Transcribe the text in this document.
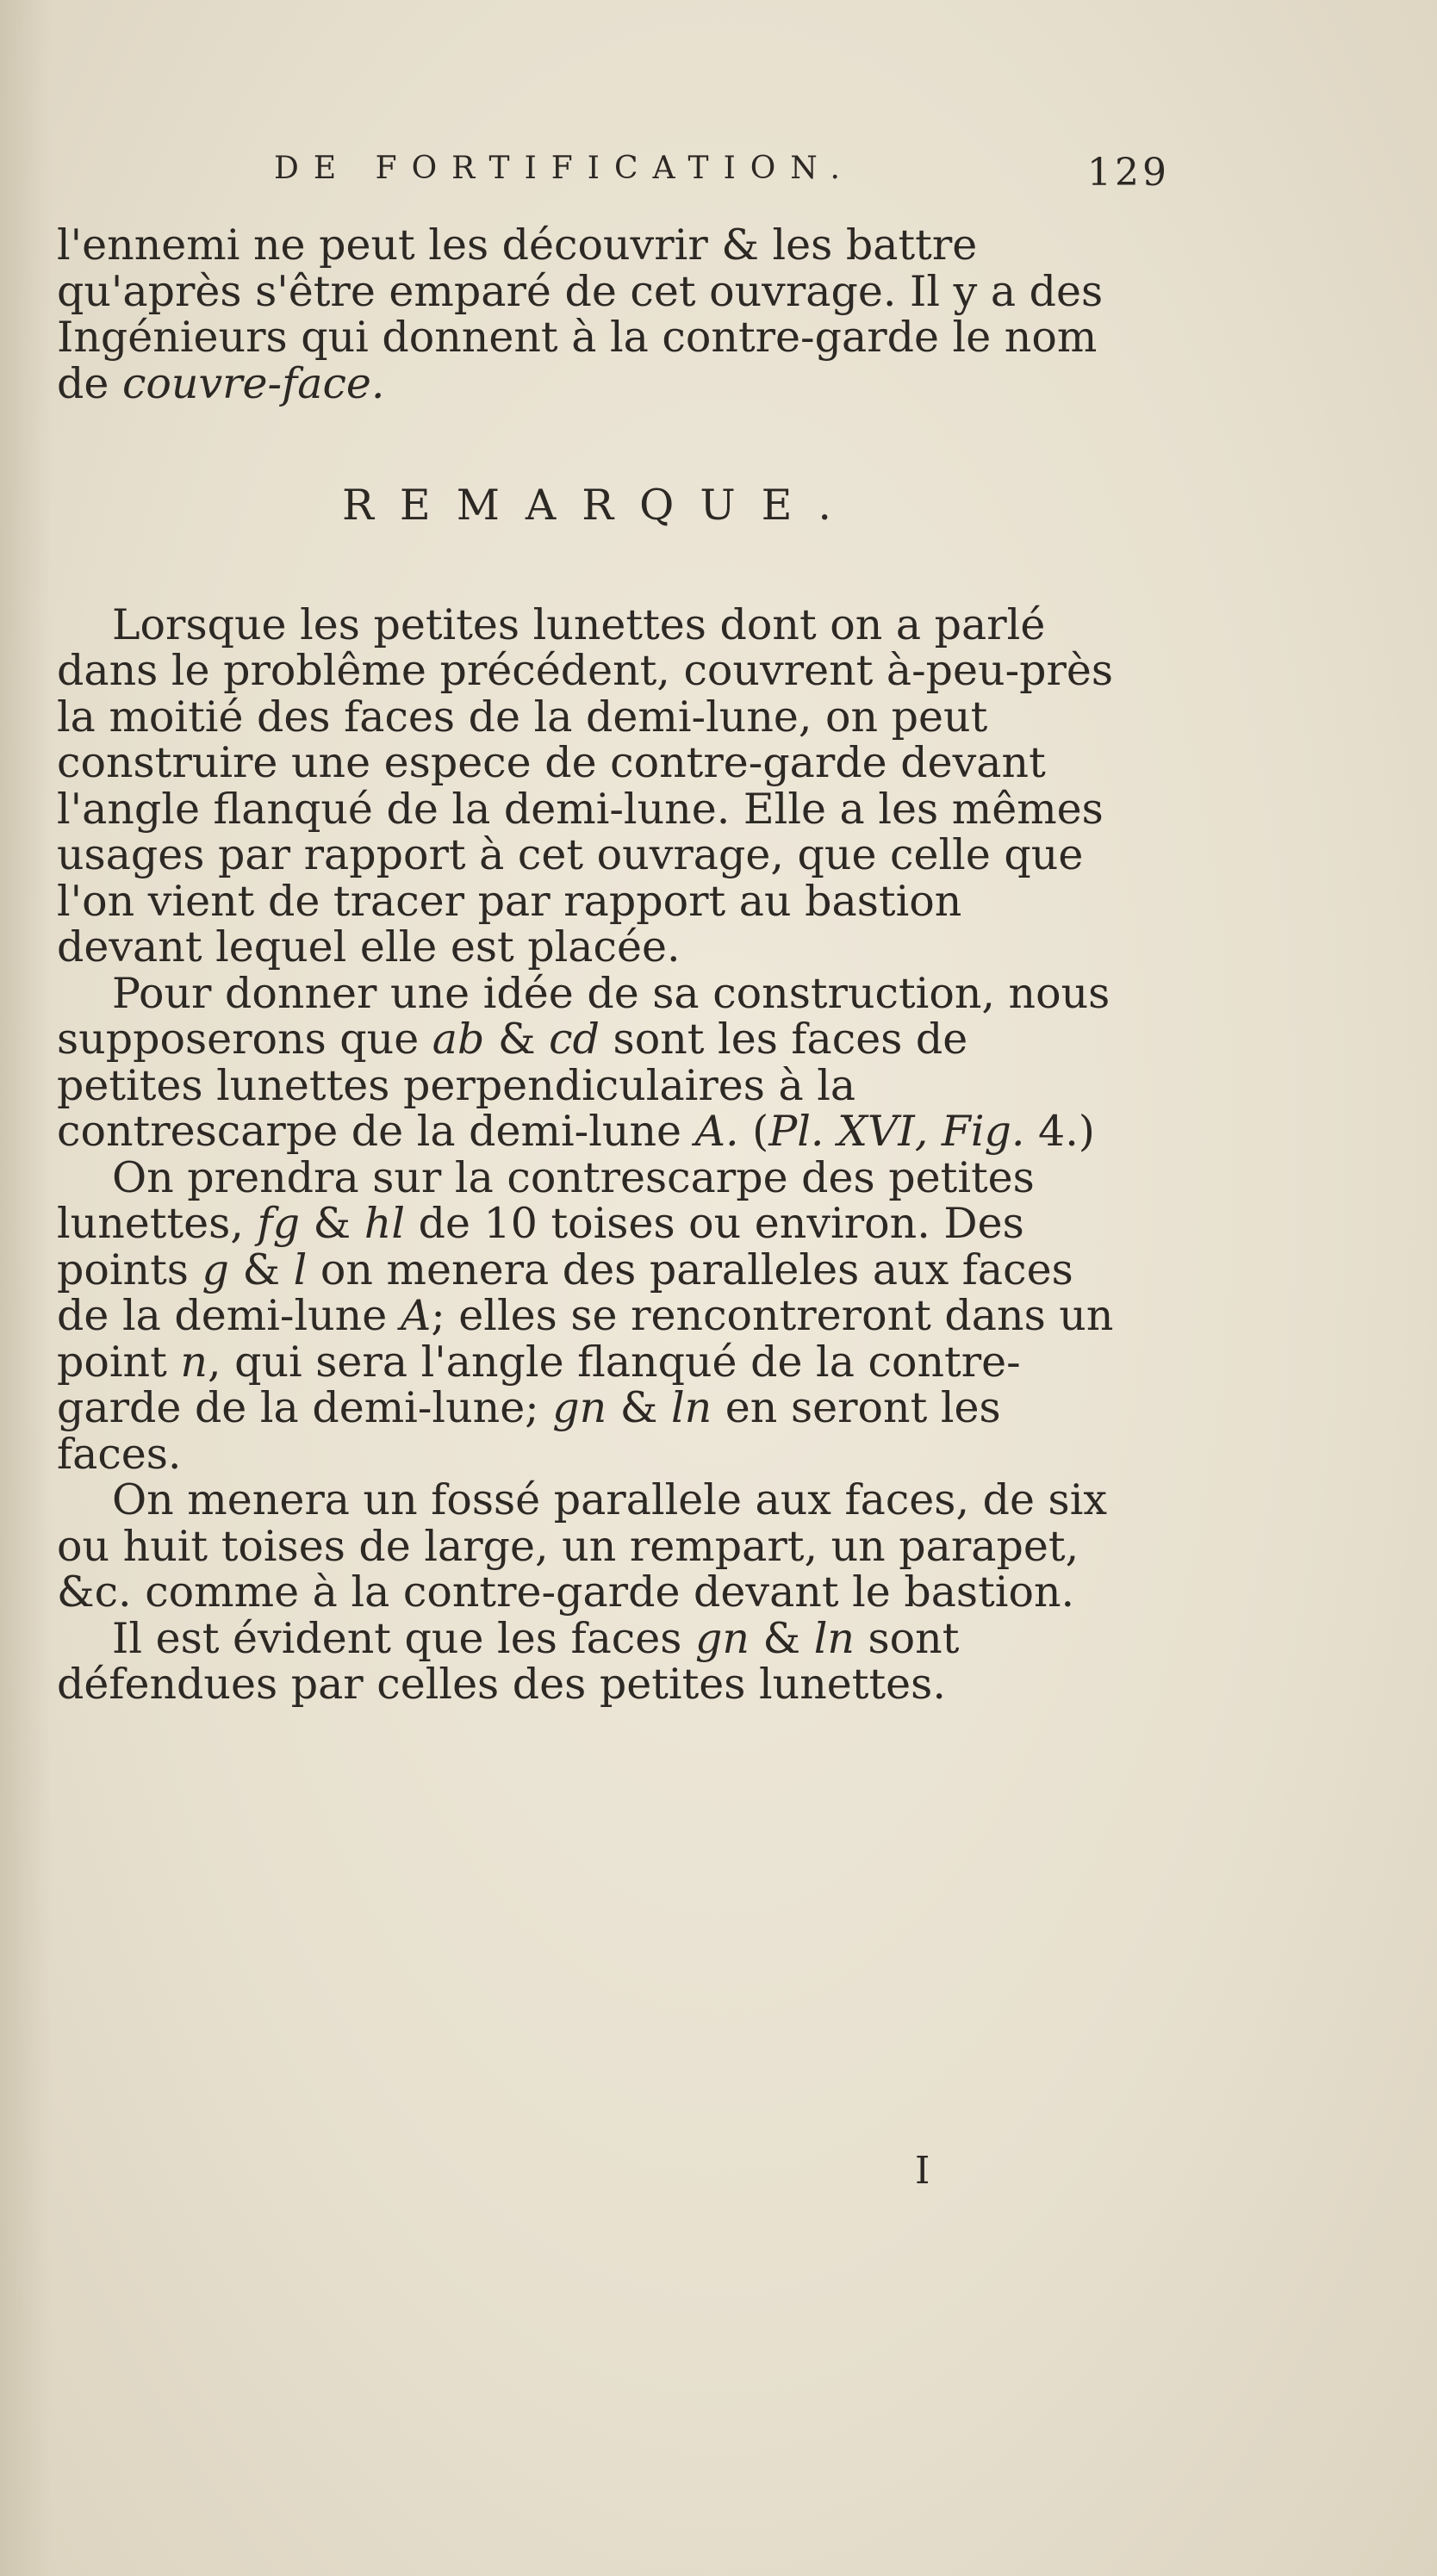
DE FORTIFICATION.	129

l'ennemi ne peut les découvrir & les battre qu'après s'être emparé de cet ouvrage. Il y a des Ingénieurs qui donnent à la contre-garde le nom de couvre-face.

REMARQUE.

Lorsque les petites lunettes dont on a parlé dans le problême précédent, couvrent à-peu-près la moitié des faces de la demi-lune, on peut construire une espece de contre-garde devant l'angle flanqué de la demi-lune. Elle a les mêmes usages par rapport à cet ouvrage, que celle que l'on vient de tracer par rapport au bastion devant lequel elle est placée.

Pour donner une idée de sa construction, nous supposerons que ab & cd sont les faces de petites lunettes perpendiculaires à la contrescarpe de la demi-lune A. (Pl. XVI, Fig. 4.)

On prendra sur la contrescarpe des petites lunettes, fg & hl de 10 toises ou environ. Des points g & l on menera des paralleles aux faces de la demi-lune A; elles se rencontreront dans un point n, qui sera l'angle flanqué de la contre-garde de la demi-lune; gn & ln en seront les faces.

On menera un fossé parallele aux faces, de six ou huit toises de large, un rempart, un parapet, &c. comme à la contre-garde devant le bastion.

Il est évident que les faces gn & ln sont défendues par celles des petites lunettes.

I
